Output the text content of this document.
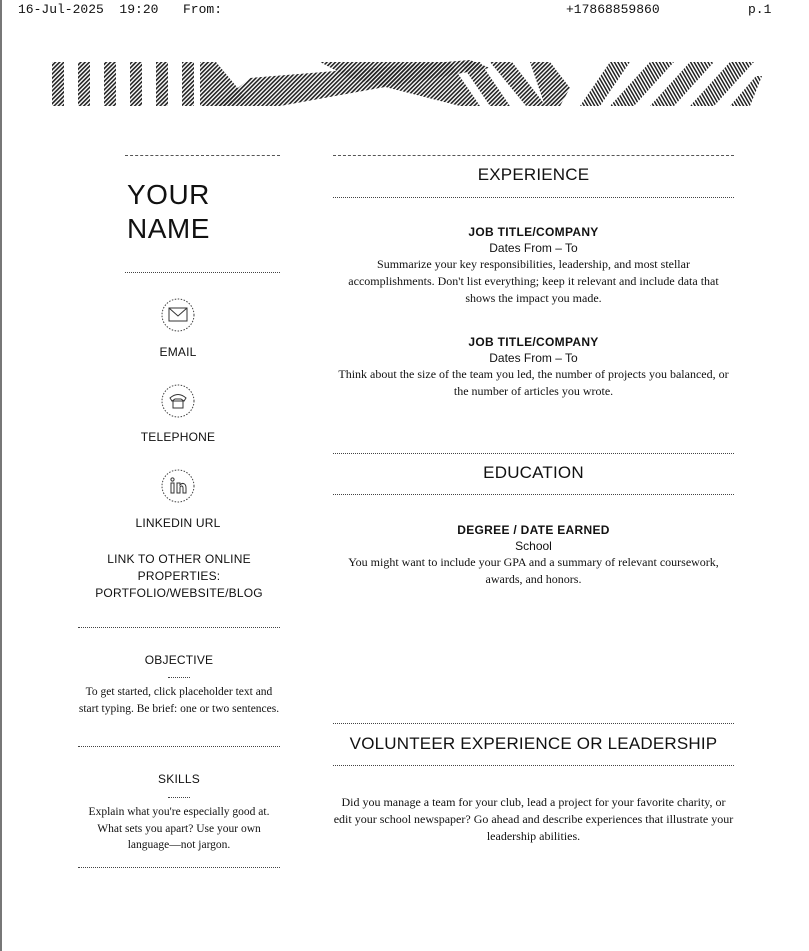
16-Jul-2025  19:20 From:	+17868859860	p.1
YOUR
NAME
EMAIL
TELEPHONE
LINKEDIN URL
LINK TO OTHER ONLINE
PROPERTIES:
PORTFOLIO/WEBSITE/BLOG
OBJECTIVE
To get started, click placeholder text and start typing. Be brief: one or two sentences.
SKILLS
Explain what you're especially good at. What sets you apart? Use your own language—not jargon.
EXPERIENCE
JOB TITLE/COMPANY
Dates From – To
Summarize your key responsibilities, leadership, and most stellar accomplishments. Don't list everything; keep it relevant and include data that shows the impact you made.
JOB TITLE/COMPANY
Dates From – To
Think about the size of the team you led, the number of projects you balanced, or the number of articles you wrote.
EDUCATION
DEGREE / DATE EARNED
School
You might want to include your GPA and a summary of relevant coursework, awards, and honors.
VOLUNTEER EXPERIENCE OR LEADERSHIP
Did you manage a team for your club, lead a project for your favorite charity, or edit your school newspaper? Go ahead and describe experiences that illustrate your leadership abilities.
